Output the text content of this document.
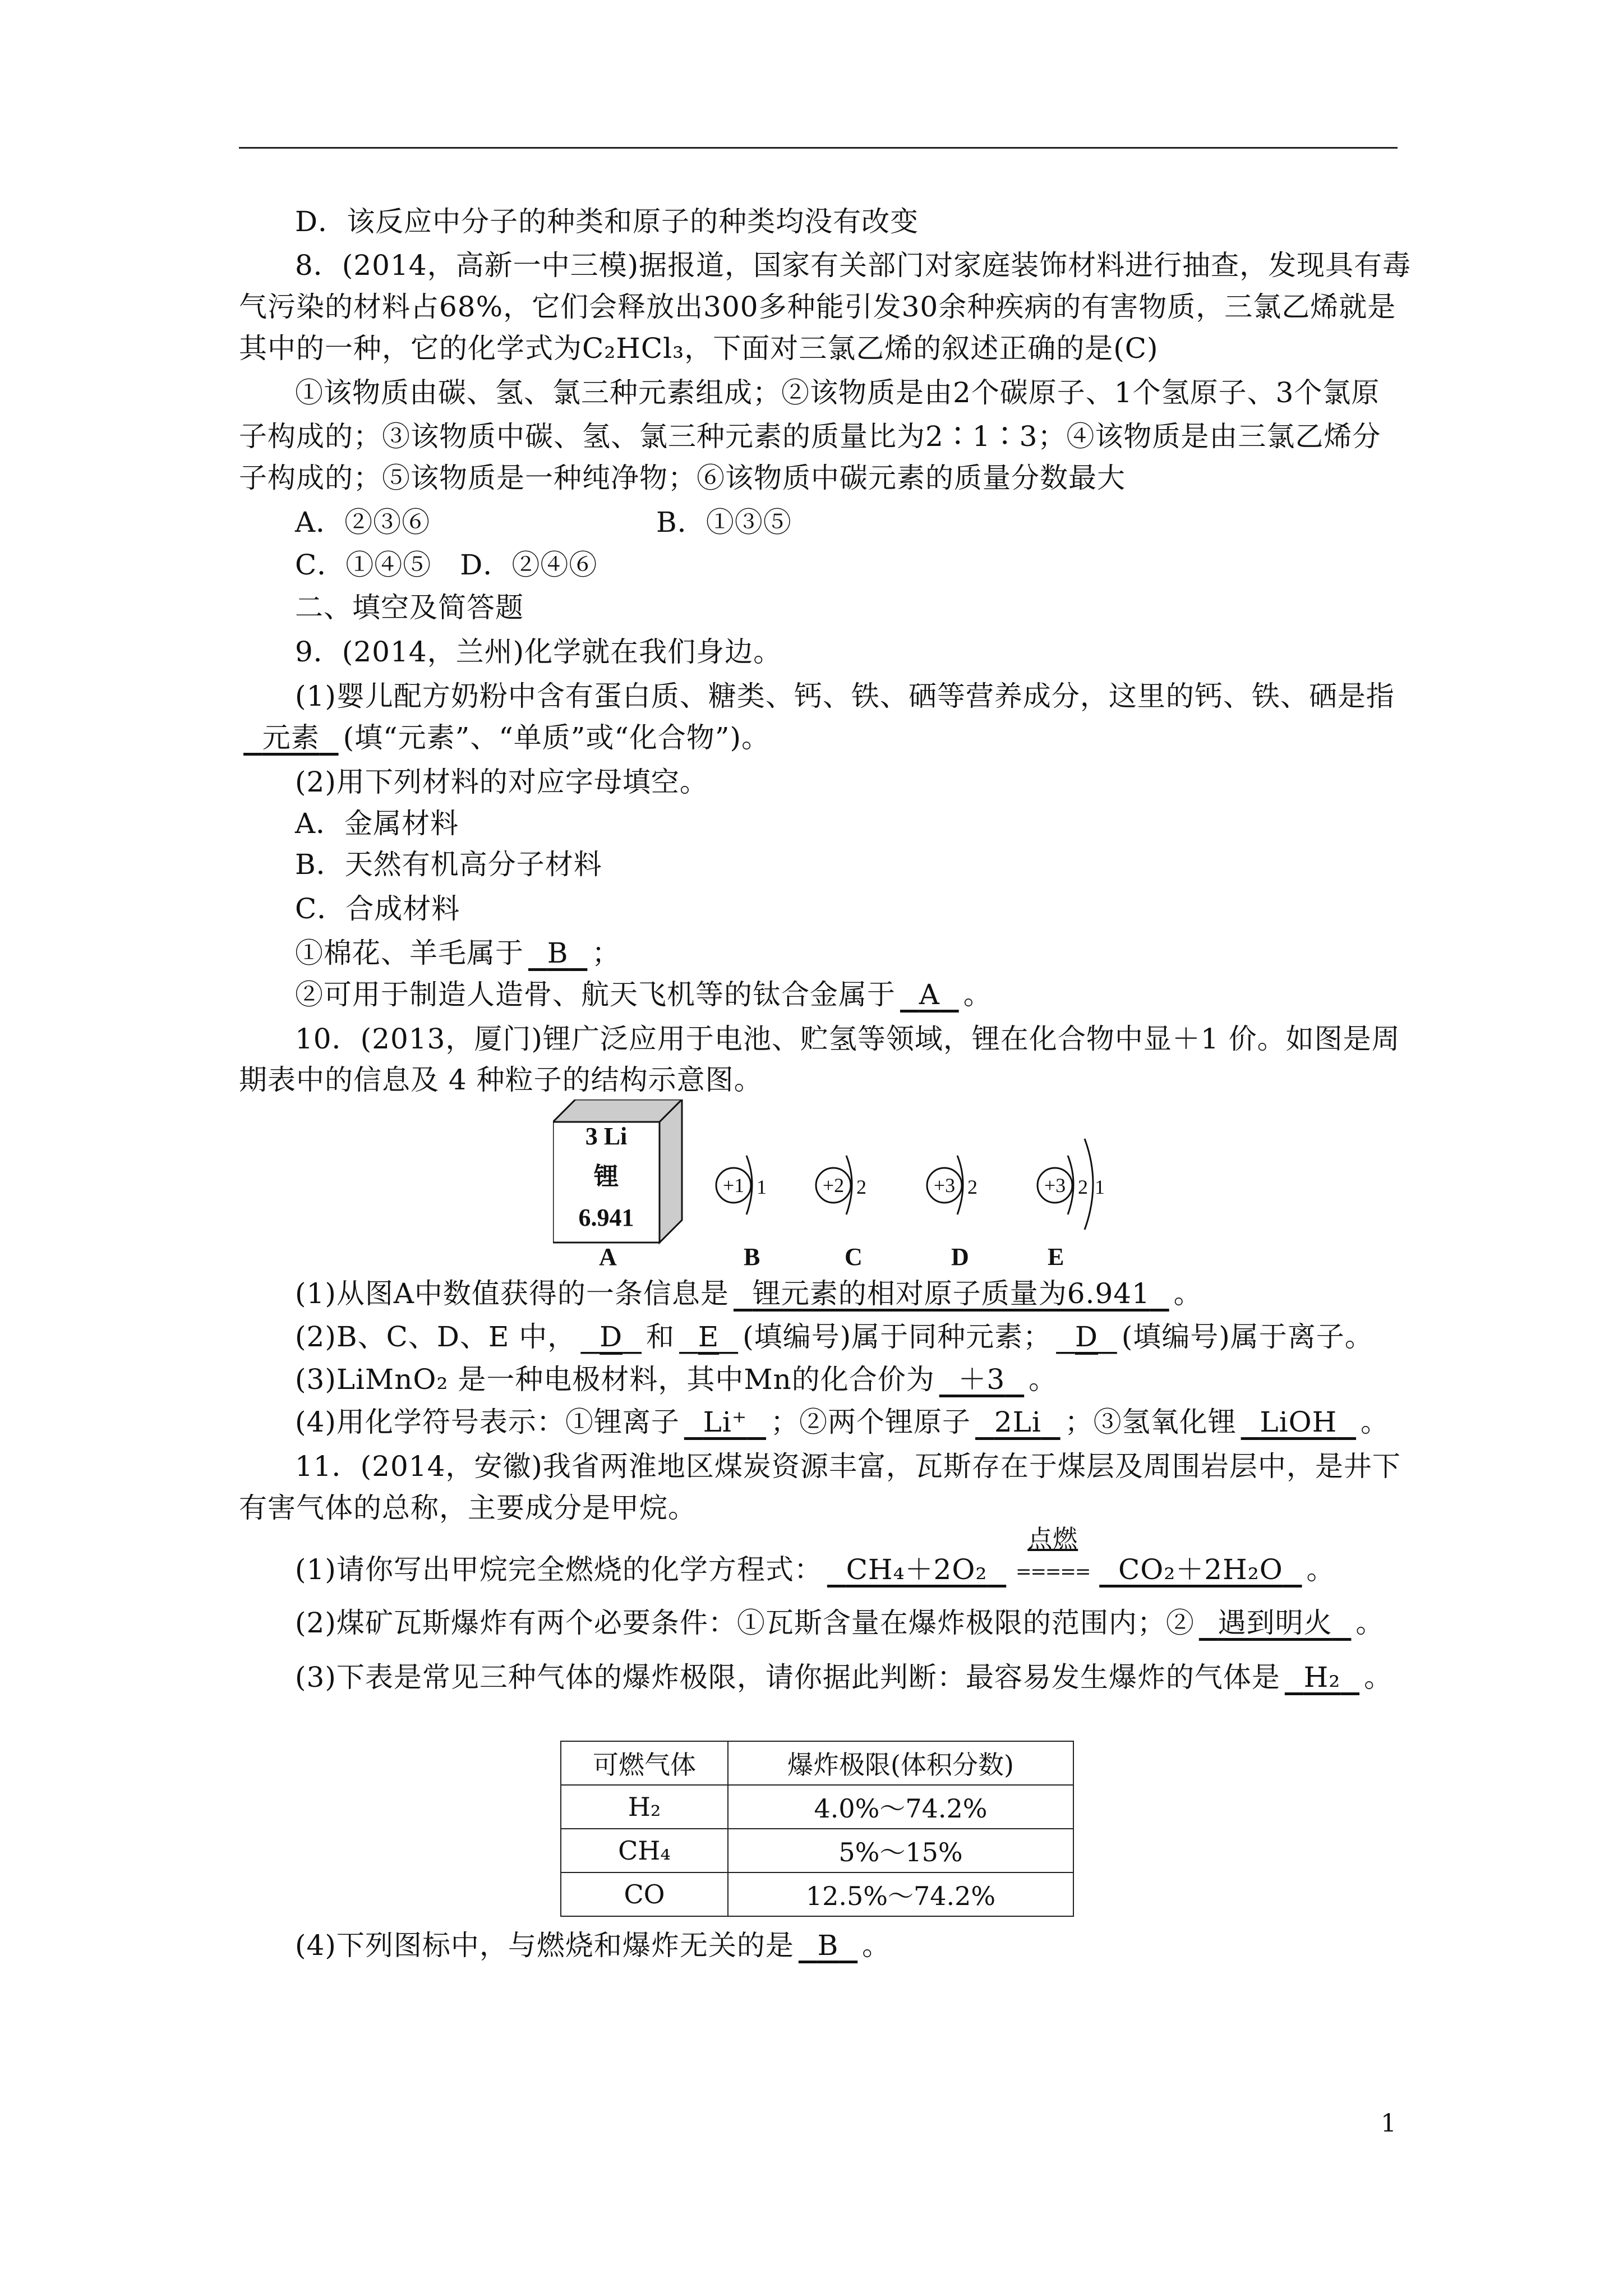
D．该反应中分子的种类和原子的种类均没有改变
8．(2014，高新一中三模)据报道，国家有关部门对家庭装饰材料进行抽查，发现具有毒
气污染的材料占68%，它们会释放出300多种能引发30余种疾病的有害物质，三氯乙烯就是
其中的一种，它的化学式为C₂HCl₃，下面对三氯乙烯的叙述正确的是(C)
①该物质由碳、氢、氯三种元素组成；②该物质是由2个碳原子、1个氢原子、3个氯原
子构成的；③该物质中碳、氢、氯三种元素的质量比为2∶1∶3；④该物质是由三氯乙烯分
子构成的；⑤该物质是一种纯净物；⑥该物质中碳元素的质量分数最大
A．②③⑥	B．①③⑤
C．①④⑤　D．②④⑥
二、填空及简答题
9．(2014，兰州)化学就在我们身边。
(1)婴儿配方奶粉中含有蛋白质、糖类、钙、铁、硒等营养成分，这里的钙、铁、硒是指
元素 (填“元素”、“单质”或“化合物”)。
(2)用下列材料的对应字母填空。
A．金属材料
B．天然有机高分子材料
C．合成材料
①棉花、羊毛属于 B ；
②可用于制造人造骨、航天飞机等的钛合金属于 A 。
10．(2013，厦门)锂广泛应用于电池、贮氢等领域，锂在化合物中显＋1 价。如图是周
期表中的信息及 4 种粒子的结构示意图。
3 Li
锂
6.941
+1 1	+2 2	+3 2	+3 2 1
A	B	C	D	E
(1)从图A中数值获得的一条信息是 锂元素的相对原子质量为6.941 。
(2)B、C、D、E 中， D 和 E (填编号)属于同种元素； D (填编号)属于离子。
(3)LiMnO₂ 是一种电极材料，其中Mn的化合价为 ＋3 。
(4)用化学符号表示：①锂离子 Li⁺ ；②两个锂原子 2Li ；③氢氧化锂 LiOH 。
11．(2014，安徽)我省两淮地区煤炭资源丰富，瓦斯存在于煤层及周围岩层中，是井下
有害气体的总称，主要成分是甲烷。
(1)请你写出甲烷完全燃烧的化学方程式： CH₄＋2O₂
点燃
===== CO₂＋2H₂O 。
(2)煤矿瓦斯爆炸有两个必要条件：①瓦斯含量在爆炸极限的范围内；② 遇到明火 。
(3)下表是常见三种气体的爆炸极限，请你据此判断：最容易发生爆炸的气体是 H₂ 。
可燃气体	爆炸极限(体积分数)
H₂	4.0%～74.2%
CH₄	5%～15%
CO	12.5%～74.2%
(4)下列图标中，与燃烧和爆炸无关的是 B 。
1
